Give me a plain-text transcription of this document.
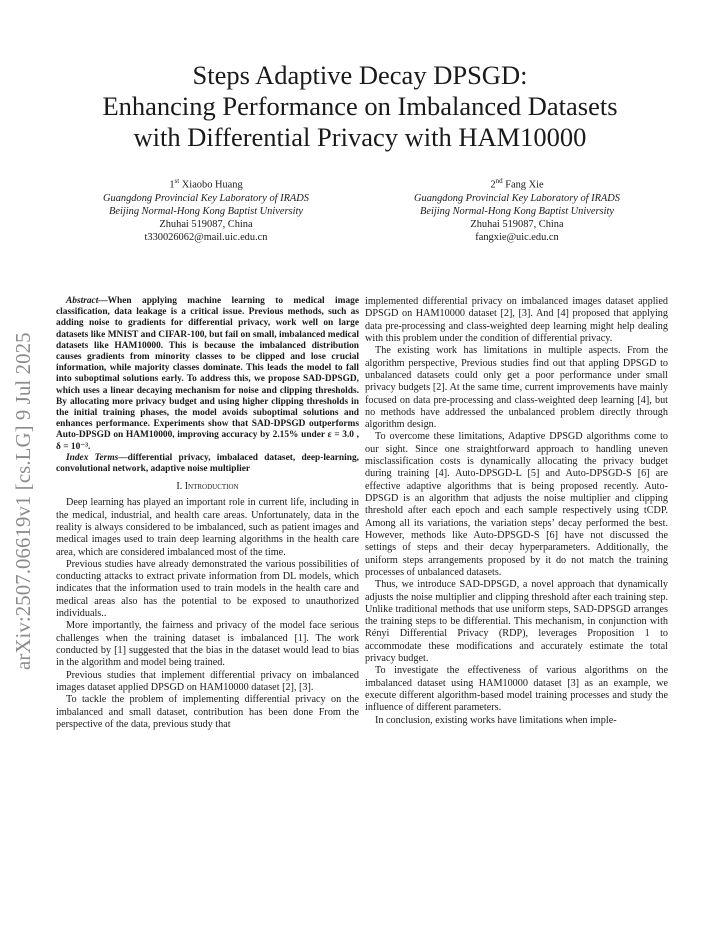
Steps Adaptive Decay DPSGD:
Enhancing Performance on Imbalanced Datasets
with Differential Privacy with HAM10000
1st Xiaobo Huang
Guangdong Provincial Key Laboratory of IRADS
Beijing Normal-Hong Kong Baptist University
Zhuhai 519087, China
t330026062@mail.uic.edu.cn
2nd Fang Xie
Guangdong Provincial Key Laboratory of IRADS
Beijing Normal-Hong Kong Baptist University
Zhuhai 519087, China
fangxie@uic.edu.cn
arXiv:2507.06619v1 [cs.LG] 9 Jul 2025

Abstract—When applying machine learning to medical image classification, data leakage is a critical issue. Previous methods, such as adding noise to gradients for differential privacy, work well on large datasets like MNIST and CIFAR-100, but fail on small, imbalanced medical datasets like HAM10000. This is because the imbalanced distribution causes gradients from minority classes to be clipped and lose crucial information, while majority classes dominate. This leads the model to fall into suboptimal solutions early. To address this, we propose SAD-DPSGD, which uses a linear decaying mechanism for noise and clipping thresholds. By allocating more privacy budget and using higher clipping thresholds in the initial training phases, the model avoids suboptimal solutions and enhances performance. Experiments show that SAD-DPSGD outperforms Auto-DPSGD on HAM10000, improving accuracy by 2.15% under ε = 3.0 , δ = 10⁻³.

Index Terms—differential privacy, imbalaced dataset, deep-learning, convolutional network, adaptive noise multiplier

I. Introduction

Deep learning has played an important role in current life, including in the medical, industrial, and health care areas. Unfortunately, data in the reality is always considered to be imbalanced, such as patient images and medical images used to train deep learning algorithms in the health care area, which are considered imbalanced most of the time.

Previous studies have already demonstrated the various possibilities of conducting attacks to extract private information from DL models, which indicates that the information used to train models in the health care and medical areas also has the potential to be exposed to unauthorized individuals..

More importantly, the fairness and privacy of the model face serious challenges when the training dataset is imbalanced [1]. The work conducted by [1] suggested that the bias in the dataset would lead to bias in the algorithm and model being trained.

Previous studies that implement differential privacy on imbalanced images dataset applied DPSGD on HAM10000 dataset [2], [3].

To tackle the problem of implementing differential privacy on the imbalanced and small dataset, contribution has been done From the perspective of the data, previous study that

implemented differential privacy on imbalanced images dataset applied DPSGD on HAM10000 dataset [2], [3]. And [4] proposed that applying data pre-processing and class-weighted deep learning might help dealing with this problem under the condition of differential privacy.

The existing work has limitations in multiple aspects. From the algorithm perspective, Previous studies find out that appling DPSGD to unbalanced datasets could only get a poor performance under small privacy budgets [2]. At the same time, current improvements have mainly focused on data pre-processing and class-weighted deep learning [4], but no methods have addressed the unbalanced problem directly through algorithm design.

To overcome these limitations, Adaptive DPSGD algorithms come to our sight. Since one straightforward approach to handling uneven misclassification costs is dynamically allocating the privacy budget during training [4]. Auto-DPSGD-L [5] and Auto-DPSGD-S [6] are effective adaptive algorithms that is being proposed recently. Auto-DPSGD is an algorithm that adjusts the noise multiplier and clipping threshold after each epoch and each sample respectively using tCDP. Among all its variations, the variation steps’ decay performed the best. However, methods like Auto-DPSGD-S [6] have not discussed the settings of steps and their decay hyperparameters. Additionally, the uniform steps arrangements proposed by it do not match the training processes of unbalanced datasets.

Thus, we introduce SAD-DPSGD, a novel approach that dynamically adjusts the noise multiplier and clipping threshold after each training step. Unlike traditional methods that use uniform steps, SAD-DPSGD arranges the training steps to be differential. This mechanism, in conjunction with Rényi Differential Privacy (RDP), leverages Proposition 1 to accommodate these modifications and accurately estimate the total privacy budget.

To investigate the effectiveness of various algorithms on the imbalanced dataset using HAM10000 dataset [3] as an example, we execute different algorithm-based model training processes and study the influence of different parameters.

In conclusion, existing works have limitations when imple-
